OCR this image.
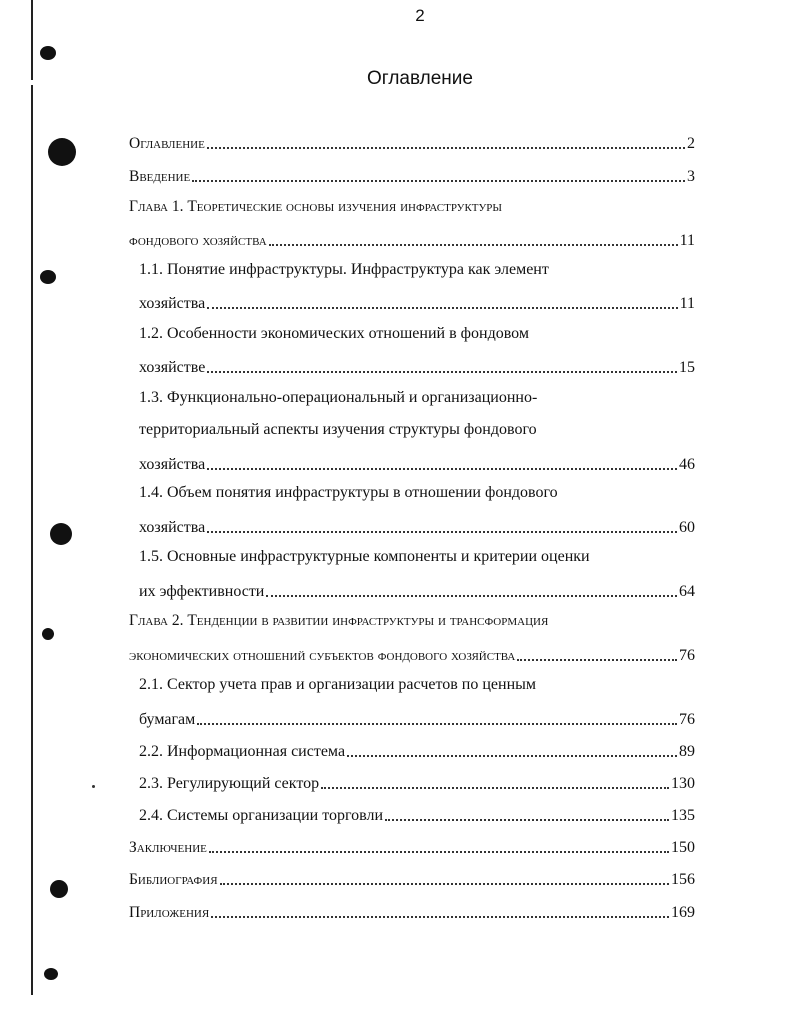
2
Оглавление
Оглавление	2
Введение	3
Глава 1. Теоретические основы изучения инфраструктуры
фондового хозяйства	11
1.1. Понятие инфраструктуры. Инфраструктура как элемент
хозяйства	11
1.2. Особенности экономических отношений в фондовом
хозяйстве	15
1.3. Функционально-операциональный и организационно-
территориальный аспекты изучения структуры фондового
хозяйства	46
1.4. Объем понятия инфраструктуры в отношении фондового
хозяйства	60
1.5. Основные инфраструктурные компоненты и критерии оценки
их эффективности	64
Глава 2. Тенденции в развитии инфраструктуры и трансформация
экономических отношений субъектов фондового хозяйства	76
2.1. Сектор учета прав и организации расчетов по ценным
бумагам	76
2.2. Информационная система	89
2.3. Регулирующий сектор	130
2.4. Системы организации торговли	135
Заключение	150
Библиография	156
Приложения	169
